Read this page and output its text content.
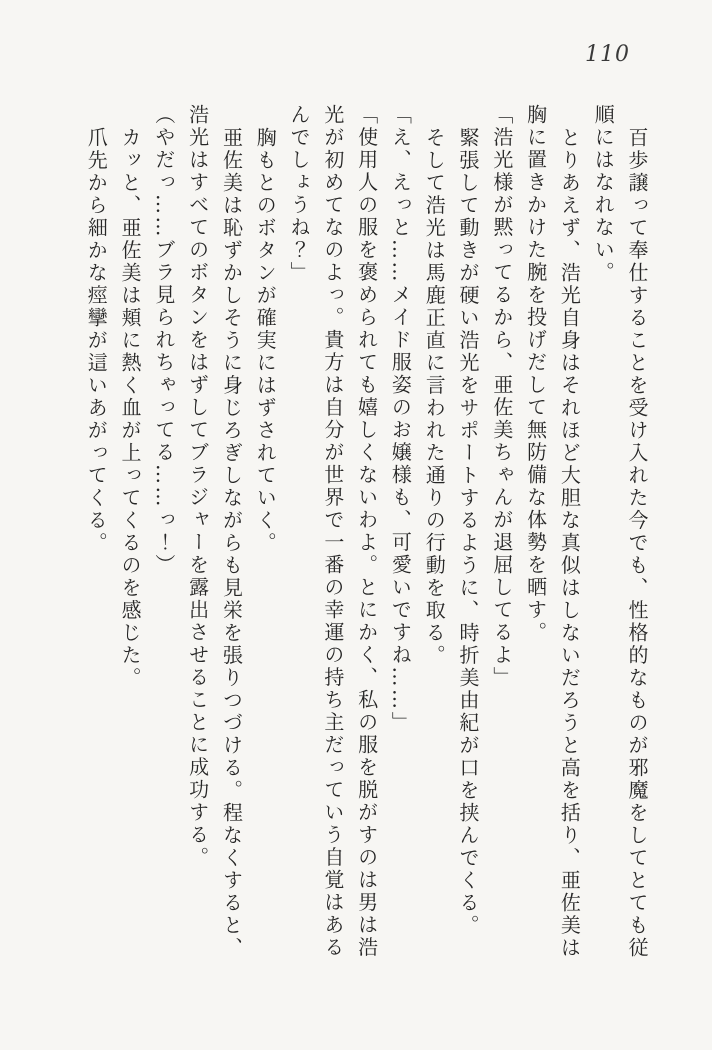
110

百歩譲って奉仕することを受け入れた今でも、性格的なものが邪魔をしてとても従

順にはなれない。

とりあえず、浩光自身はそれほど大胆な真似はしないだろうと高を括り、亜佐美は

胸に置きかけた腕を投げだして無防備な体勢を晒す。

「浩光様が黙ってるから、亜佐美ちゃんが退屈してるよ」

緊張して動きが硬い浩光をサポートするように、時折美由紀が口を挟んでくる。

そして浩光は馬鹿正直に言われた通りの行動を取る。

「え、えっと……メイド服姿のお嬢様も、可愛いですね……」

「使用人の服を褒められても嬉しくないわよ。とにかく、私の服を脱がすのは男は浩

光が初めてなのよっ。貴方は自分が世界で一番の幸運の持ち主だっていう自覚はある

んでしょうね？」

胸もとのボタンが確実にはずされていく。

亜佐美は恥ずかしそうに身じろぎしながらも見栄を張りつづける。程なくすると、

浩光はすべてのボタンをはずしてブラジャーを露出させることに成功する。

（やだっ……ブラ見られちゃってる……っ！）

カッと、亜佐美は頬に熱く血が上ってくるのを感じた。

爪先から細かな痙攣が這いあがってくる。
